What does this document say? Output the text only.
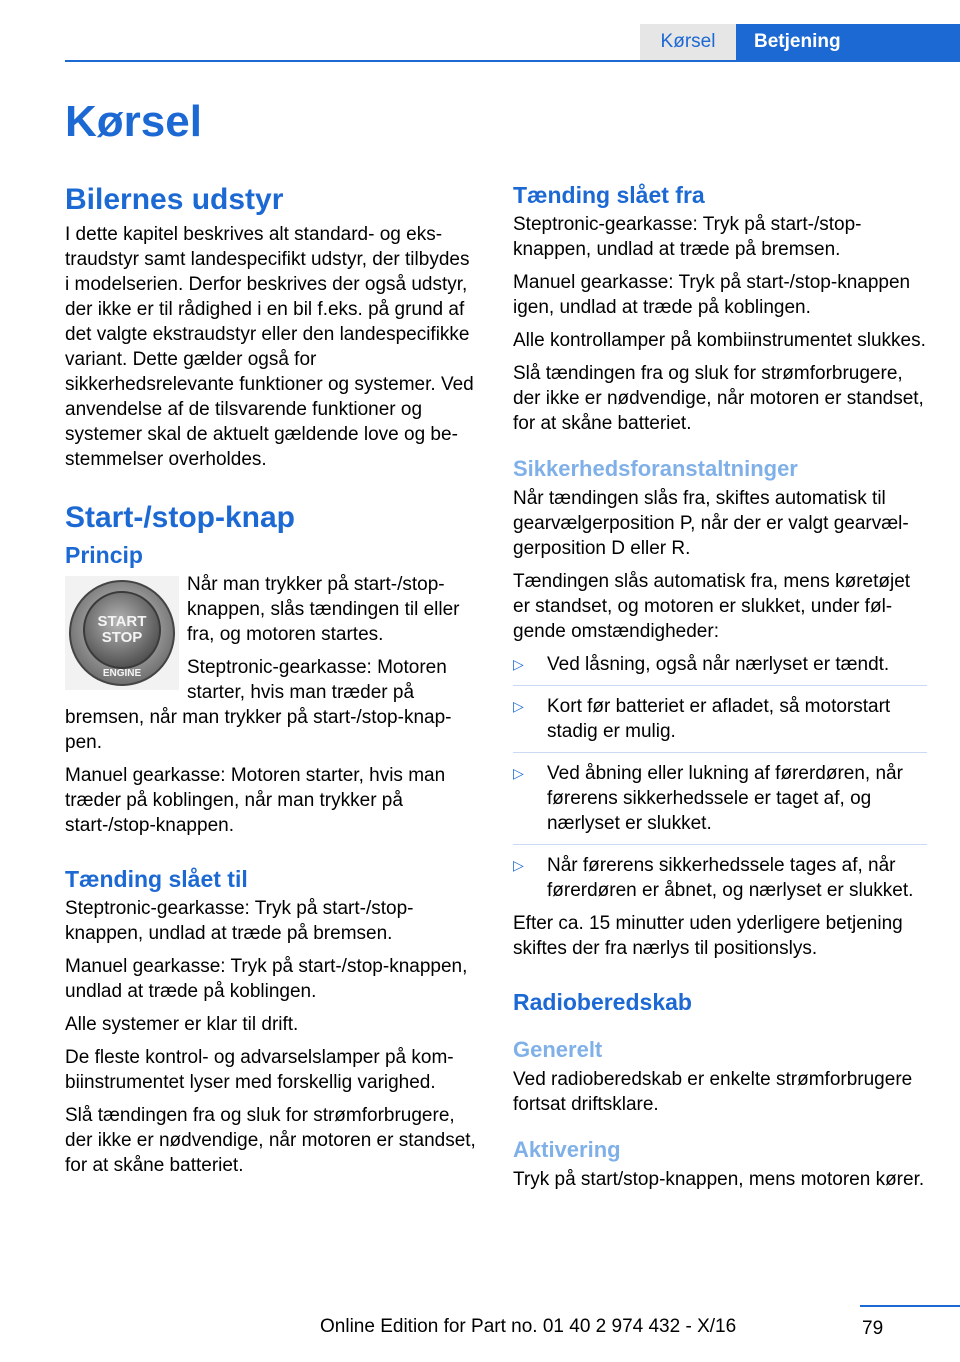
Kørsel	Betjening
Kørsel
Bilernes udstyr

I dette kapitel beskrives alt standard- og ekstraudstyr samt landespecifikt udstyr, der tilbydes i modelserien. Derfor beskrives der også udstyr, der ikke er til rådighed i en bil f.eks. på grund af det valgte ekstraudstyr eller den landespecifikke variant. Dette gælder også for sikkerhedsrelevante funktioner og systemer. Ved anvendelse af de tilsvarende funktioner og systemer skal de aktuelt gældende love og bestemmelser overholdes.

Start-/stop-knap
Princip
START
STOP
ENGINE

Når man trykker på start-/stop-knappen, slås tændingen til eller fra, og motoren startes.

Steptronic-gearkasse: Motoren starter, hvis man træder på bremsen, når man trykker på start-/stop-knappen.

Manuel gearkasse: Motoren starter, hvis man træder på koblingen, når man trykker på start-/stop-knappen.

Tænding slået til

Steptronic-gearkasse: Tryk på start-/stop-knappen, undlad at træde på bremsen.

Manuel gearkasse: Tryk på start-/stop-knappen, undlad at træde på koblingen.

Alle systemer er klar til drift.

De fleste kontrol- og advarselslamper på kombiinstrumentet lyser med forskellig varighed.

Slå tændingen fra og sluk for strømforbrugere, der ikke er nødvendige, når motoren er standset, for at skåne batteriet.

Tænding slået fra

Steptronic-gearkasse: Tryk på start-/stop-knappen, undlad at træde på bremsen.

Manuel gearkasse: Tryk på start-/stop-knappen igen, undlad at træde på koblingen.

Alle kontrollamper på kombiinstrumentet slukkes.

Slå tændingen fra og sluk for strømforbrugere, der ikke er nødvendige, når motoren er standset, for at skåne batteriet.

Sikkerhedsforanstaltninger

Når tændingen slås fra, skiftes automatisk til gearvælgerposition P, når der er valgt gearvælgerposition D eller R.

Tændingen slås automatisk fra, mens køretøjet er standset, og motoren er slukket, under følgende omstændigheder:

▷ Ved låsning, også når nærlyset er tændt.
▷ Kort før batteriet er afladet, så motorstart stadig er mulig.
▷ Ved åbning eller lukning af førerdøren, når førerens sikkerhedssele er taget af, og nærlyset er slukket.
▷ Når førerens sikkerhedssele tages af, når førerdøren er åbnet, og nærlyset er slukket.

Efter ca. 15 minutter uden yderligere betjening skiftes der fra nærlys til positionslys.

Radioberedskab
Generelt

Ved radioberedskab er enkelte strømforbrugere fortsat driftsklare.

Aktivering

Tryk på start/stop-knappen, mens motoren kører.

79
Online Edition for Part no. 01 40 2 974 432 - X/16
